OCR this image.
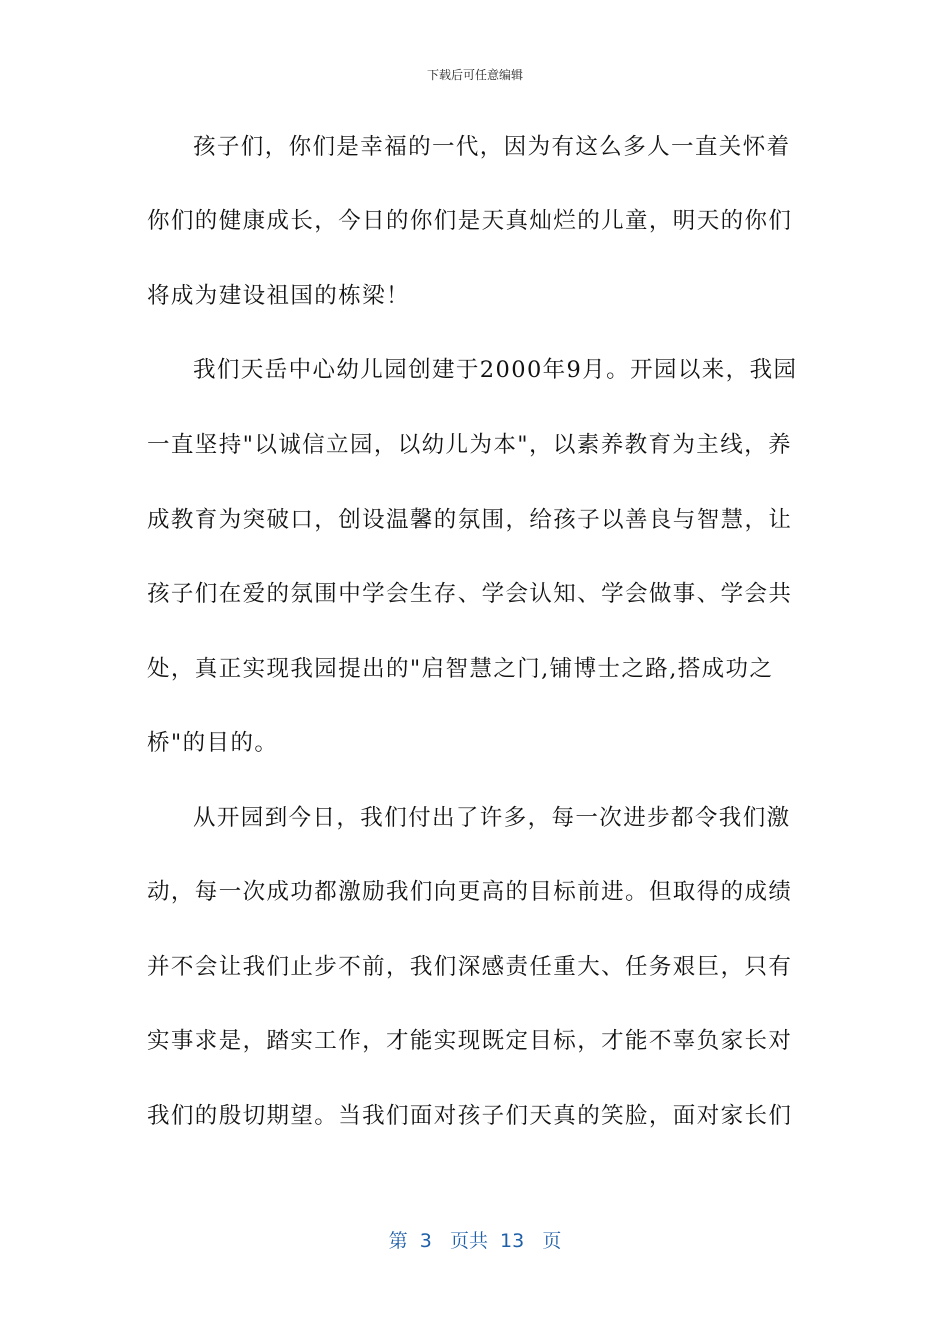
下载后可任意编辑
孩子们，你们是幸福的一代，因为有这么多人一直关怀着
你们的健康成长，今日的你们是天真灿烂的儿童，明天的你们
将成为建设祖国的栋梁！
我们天岳中心幼儿园创建于2000年9月。开园以来，我园
一直坚持"以诚信立园，以幼儿为本"，以素养教育为主线，养
成教育为突破口，创设温馨的氛围，给孩子以善良与智慧，让
孩子们在爱的氛围中学会生存、学会认知、学会做事、学会共
处，真正实现我园提出的"启智慧之门,铺博士之路,搭成功之
桥"的目的。
从开园到今日，我们付出了许多，每一次进步都令我们激
动，每一次成功都激励我们向更高的目标前进。但取得的成绩
并不会让我们止步不前，我们深感责任重大、任务艰巨，只有
实事求是，踏实工作，才能实现既定目标，才能不辜负家长对
我们的殷切期望。当我们面对孩子们天真的笑脸，面对家长们
第 3 页共 13 页
